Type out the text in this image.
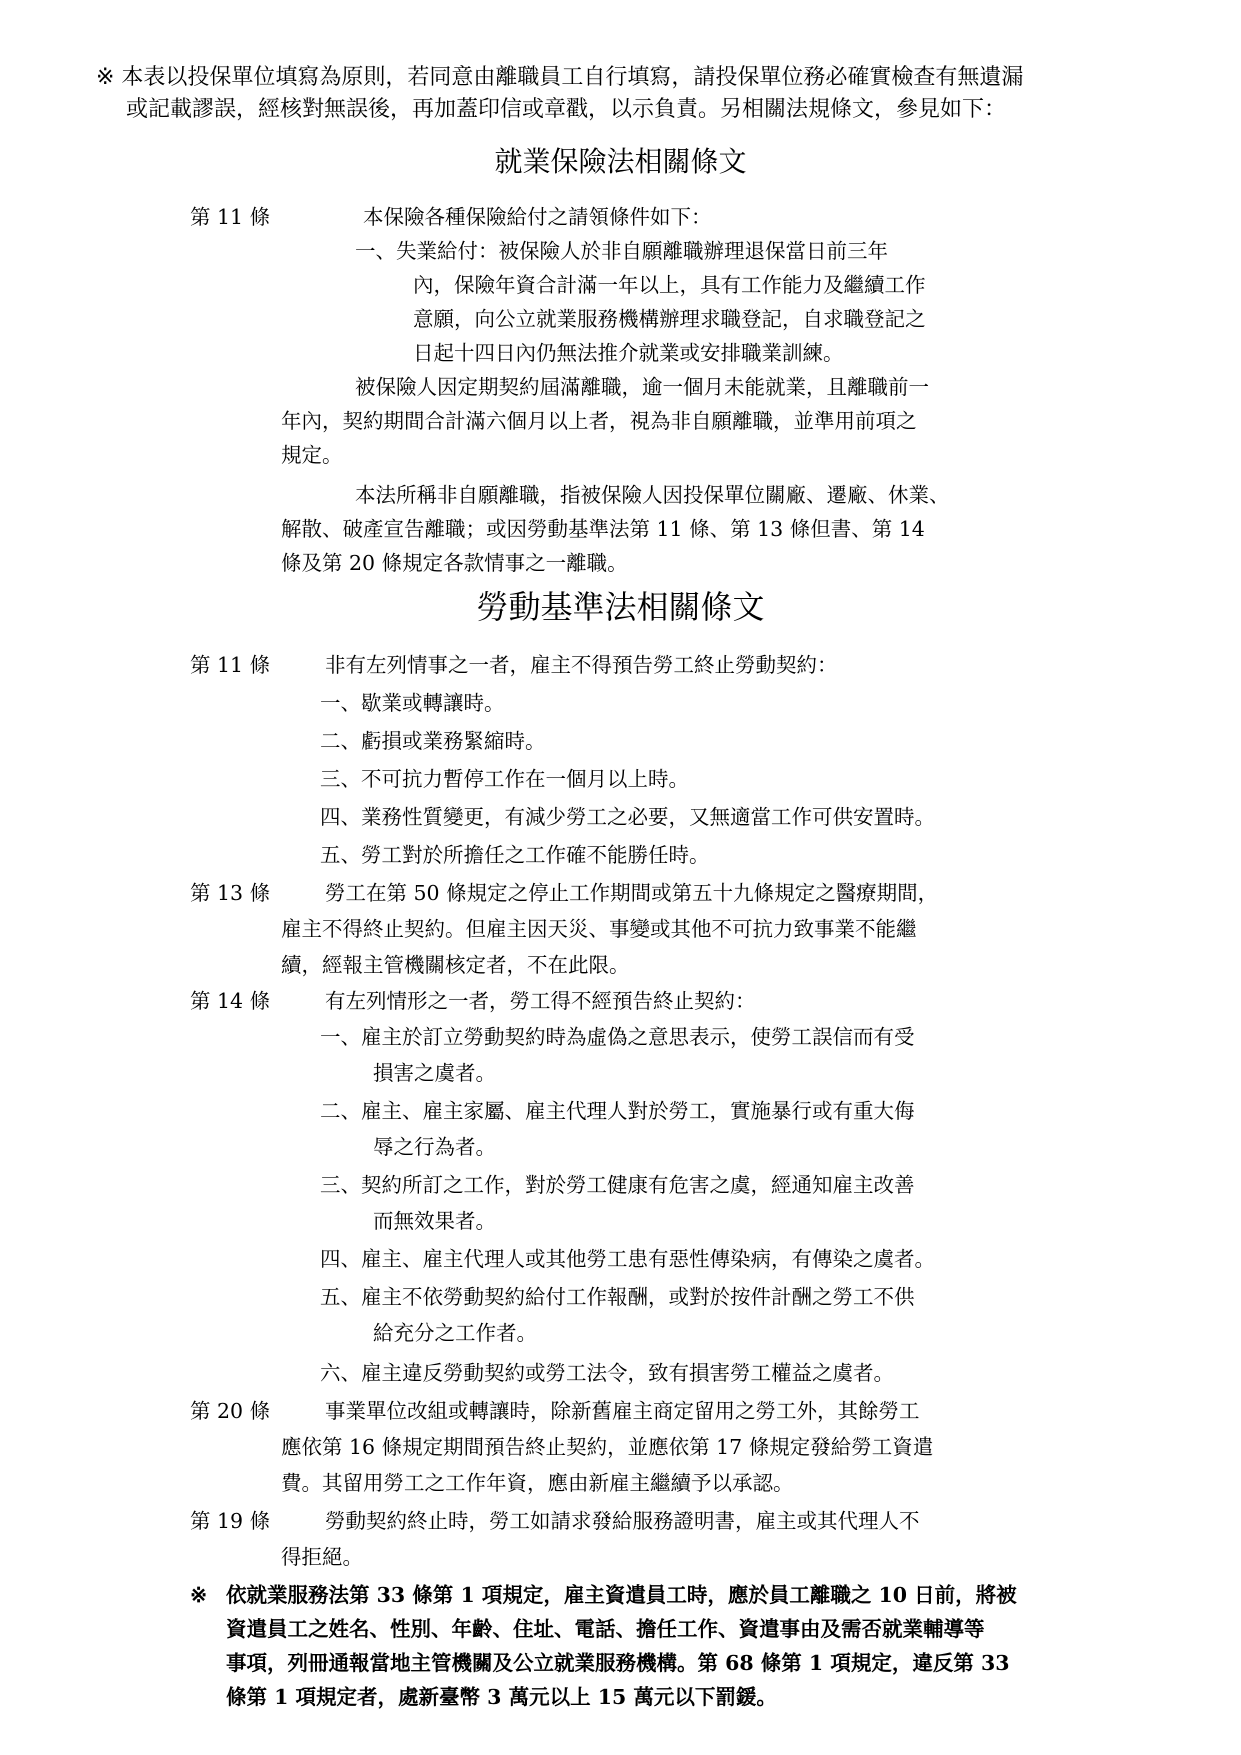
※ 本表以投保單位填寫為原則，若同意由離職員工自行填寫，請投保單位務必確實檢查有無遺漏
或記載謬誤，經核對無誤後，再加蓋印信或章戳，以示負責。另相關法規條文，參見如下：
就業保險法相關條文
第 11 條	本保險各種保險給付之請領條件如下：
一、失業給付：被保險人於非自願離職辦理退保當日前三年
內，保險年資合計滿一年以上，具有工作能力及繼續工作
意願，向公立就業服務機構辦理求職登記，自求職登記之
日起十四日內仍無法推介就業或安排職業訓練。
被保險人因定期契約屆滿離職，逾一個月未能就業，且離職前一
年內，契約期間合計滿六個月以上者，視為非自願離職，並準用前項之
規定。
本法所稱非自願離職，指被保險人因投保單位關廠、遷廠、休業、
解散、破產宣告離職；或因勞動基準法第 11 條、第 13 條但書、第 14
條及第 20 條規定各款情事之一離職。
勞動基準法相關條文
第 11 條	非有左列情事之一者，雇主不得預告勞工終止勞動契約：
一、歇業或轉讓時。
二、虧損或業務緊縮時。
三、不可抗力暫停工作在一個月以上時。
四、業務性質變更，有減少勞工之必要，又無適當工作可供安置時。
五、勞工對於所擔任之工作確不能勝任時。
第 13 條	勞工在第 50 條規定之停止工作期間或第五十九條規定之醫療期間，
雇主不得終止契約。但雇主因天災、事變或其他不可抗力致事業不能繼
續，經報主管機關核定者，不在此限。
第 14 條	有左列情形之一者，勞工得不經預告終止契約：
一、雇主於訂立勞動契約時為虛偽之意思表示，使勞工誤信而有受
損害之虞者。
二、雇主、雇主家屬、雇主代理人對於勞工，實施暴行或有重大侮
辱之行為者。
三、契約所訂之工作，對於勞工健康有危害之虞，經通知雇主改善
而無效果者。
四、雇主、雇主代理人或其他勞工患有惡性傳染病，有傳染之虞者。
五、雇主不依勞動契約給付工作報酬，或對於按件計酬之勞工不供
給充分之工作者。
六、雇主違反勞動契約或勞工法令，致有損害勞工權益之虞者。
第 20 條	事業單位改組或轉讓時，除新舊雇主商定留用之勞工外，其餘勞工
應依第 16 條規定期間預告終止契約，並應依第 17 條規定發給勞工資遣
費。其留用勞工之工作年資，應由新雇主繼續予以承認。
第 19 條	勞動契約終止時，勞工如請求發給服務證明書，雇主或其代理人不
得拒絕。
※ 依就業服務法第 33 條第 1 項規定，雇主資遣員工時，應於員工離職之 10 日前，將被
資遣員工之姓名、性別、年齡、住址、電話、擔任工作、資遣事由及需否就業輔導等
事項，列冊通報當地主管機關及公立就業服務機構。第 68 條第 1 項規定，違反第 33
條第 1 項規定者，處新臺幣 3 萬元以上 15 萬元以下罰鍰。
